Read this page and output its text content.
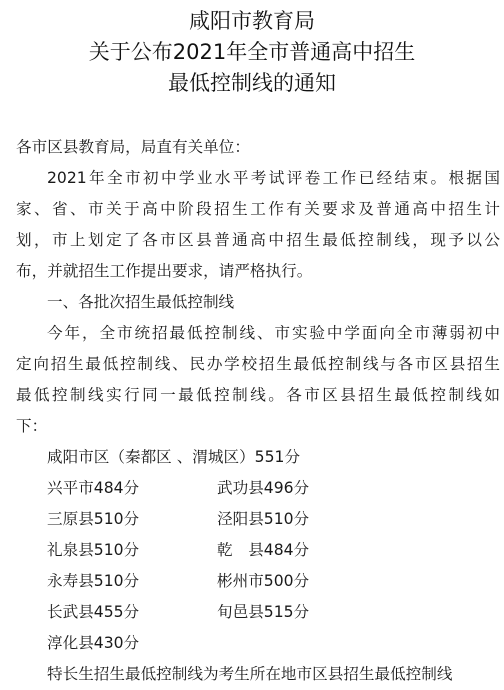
咸阳市教育局
关于公布2021年全市普通高中招生
最低控制线的通知
各市区县教育局，局直有关单位：
2021年全市初中学业水平考试评卷工作已经结束。根据国
家、省、市关于高中阶段招生工作有关要求及普通高中招生计
划，市上划定了各市区县普通高中招生最低控制线，现予以公
布，并就招生工作提出要求，请严格执行。
一、各批次招生最低控制线
今年，全市统招最低控制线、市实验中学面向全市薄弱初中
定向招生最低控制线、民办学校招生最低控制线与各市区县招生
最低控制线实行同一最低控制线。各市区县招生最低控制线如
下：
咸阳市区（秦都区 、渭城区）551分
兴平市484分	武功县496分
三原县510分	泾阳县510分
礼泉县510分	乾　县484分
永寿县510分	彬州市500分
长武县455分	旬邑县515分
淳化县430分
特长生招生最低控制线为考生所在地市区县招生最低控制线
